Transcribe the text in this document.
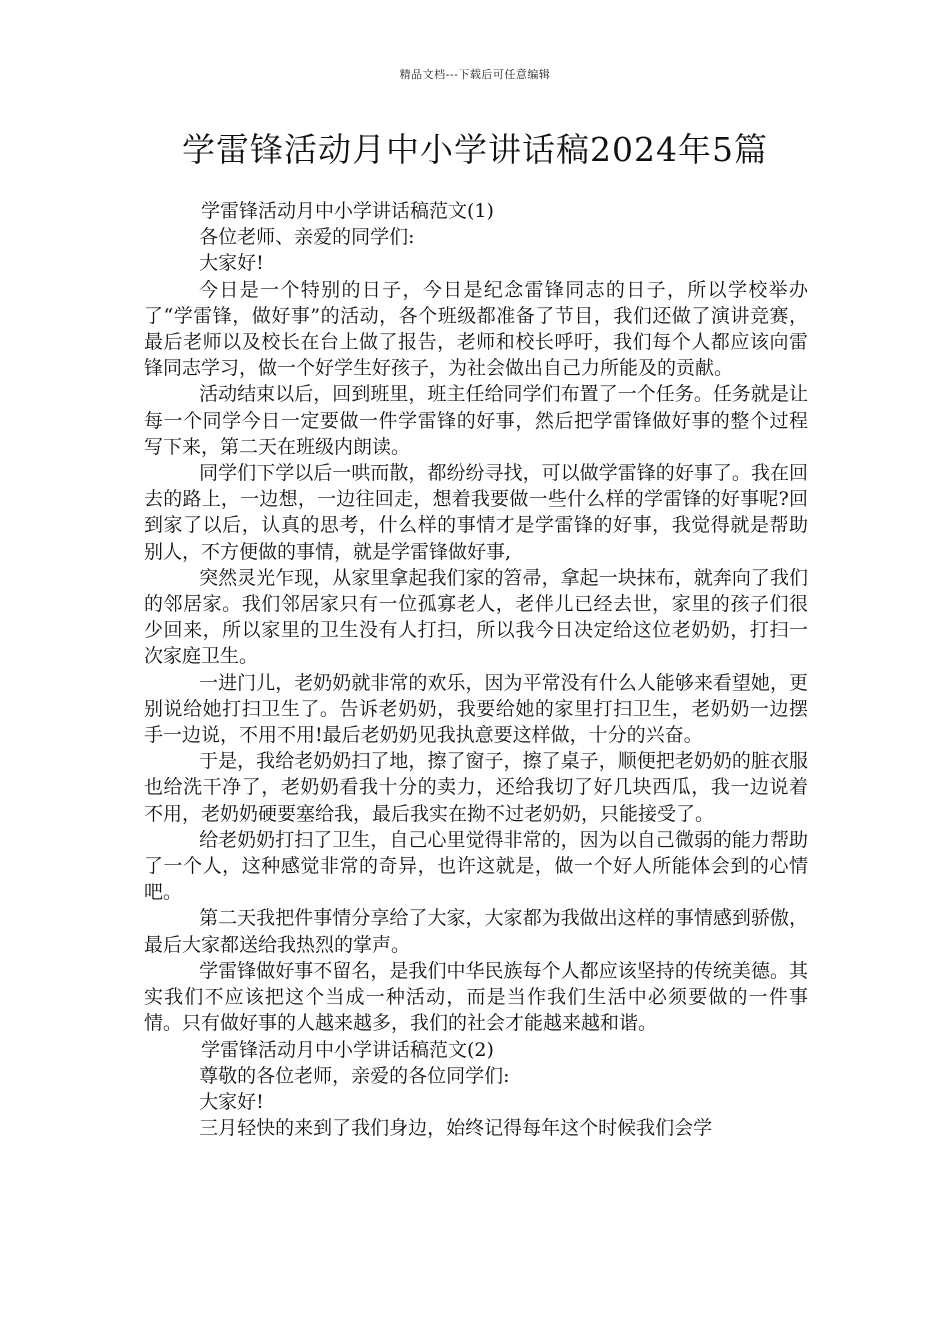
精品文档---下载后可任意编辑
学雷锋活动月中小学讲话稿2024年5篇

学雷锋活动月中小学讲话稿范文(1)

各位老师、亲爱的同学们:

大家好!

今日是一个特别的日子，今日是纪念雷锋同志的日子，所以学校举办了“学雷锋，做好事”的活动，各个班级都准备了节目，我们还做了演讲竞赛，最后老师以及校长在台上做了报告，老师和校长呼吁，我们每个人都应该向雷锋同志学习，做一个好学生好孩子，为社会做出自己力所能及的贡献。

活动结束以后，回到班里，班主任给同学们布置了一个任务。任务就是让每一个同学今日一定要做一件学雷锋的好事，然后把学雷锋做好事的整个过程写下来，第二天在班级内朗读。

同学们下学以后一哄而散，都纷纷寻找，可以做学雷锋的好事了。我在回去的路上，一边想，一边往回走，想着我要做一些什么样的学雷锋的好事呢?回到家了以后，认真的思考，什么样的事情才是学雷锋的好事，我觉得就是帮助别人，不方便做的事情，就是学雷锋做好事,

突然灵光乍现，从家里拿起我们家的笤帚，拿起一块抹布，就奔向了我们的邻居家。我们邻居家只有一位孤寡老人，老伴儿已经去世，家里的孩子们很少回来，所以家里的卫生没有人打扫，所以我今日决定给这位老奶奶，打扫一次家庭卫生。

一进门儿，老奶奶就非常的欢乐，因为平常没有什么人能够来看望她，更别说给她打扫卫生了。告诉老奶奶，我要给她的家里打扫卫生，老奶奶一边摆手一边说，不用不用!最后老奶奶见我执意要这样做，十分的兴奋。

于是，我给老奶奶扫了地，擦了窗子，擦了桌子，顺便把老奶奶的脏衣服也给洗干净了，老奶奶看我十分的卖力，还给我切了好几块西瓜，我一边说着不用，老奶奶硬要塞给我，最后我实在拗不过老奶奶，只能接受了。

给老奶奶打扫了卫生，自己心里觉得非常的，因为以自己微弱的能力帮助了一个人，这种感觉非常的奇异，也许这就是，做一个好人所能体会到的心情吧。

第二天我把件事情分享给了大家，大家都为我做出这样的事情感到骄傲，最后大家都送给我热烈的掌声。

学雷锋做好事不留名，是我们中华民族每个人都应该坚持的传统美德。其实我们不应该把这个当成一种活动，而是当作我们生活中必须要做的一件事情。只有做好事的人越来越多，我们的社会才能越来越和谐。

学雷锋活动月中小学讲话稿范文(2)

尊敬的各位老师，亲爱的各位同学们:

大家好!

三月轻快的来到了我们身边，始终记得每年这个时候我们会学
